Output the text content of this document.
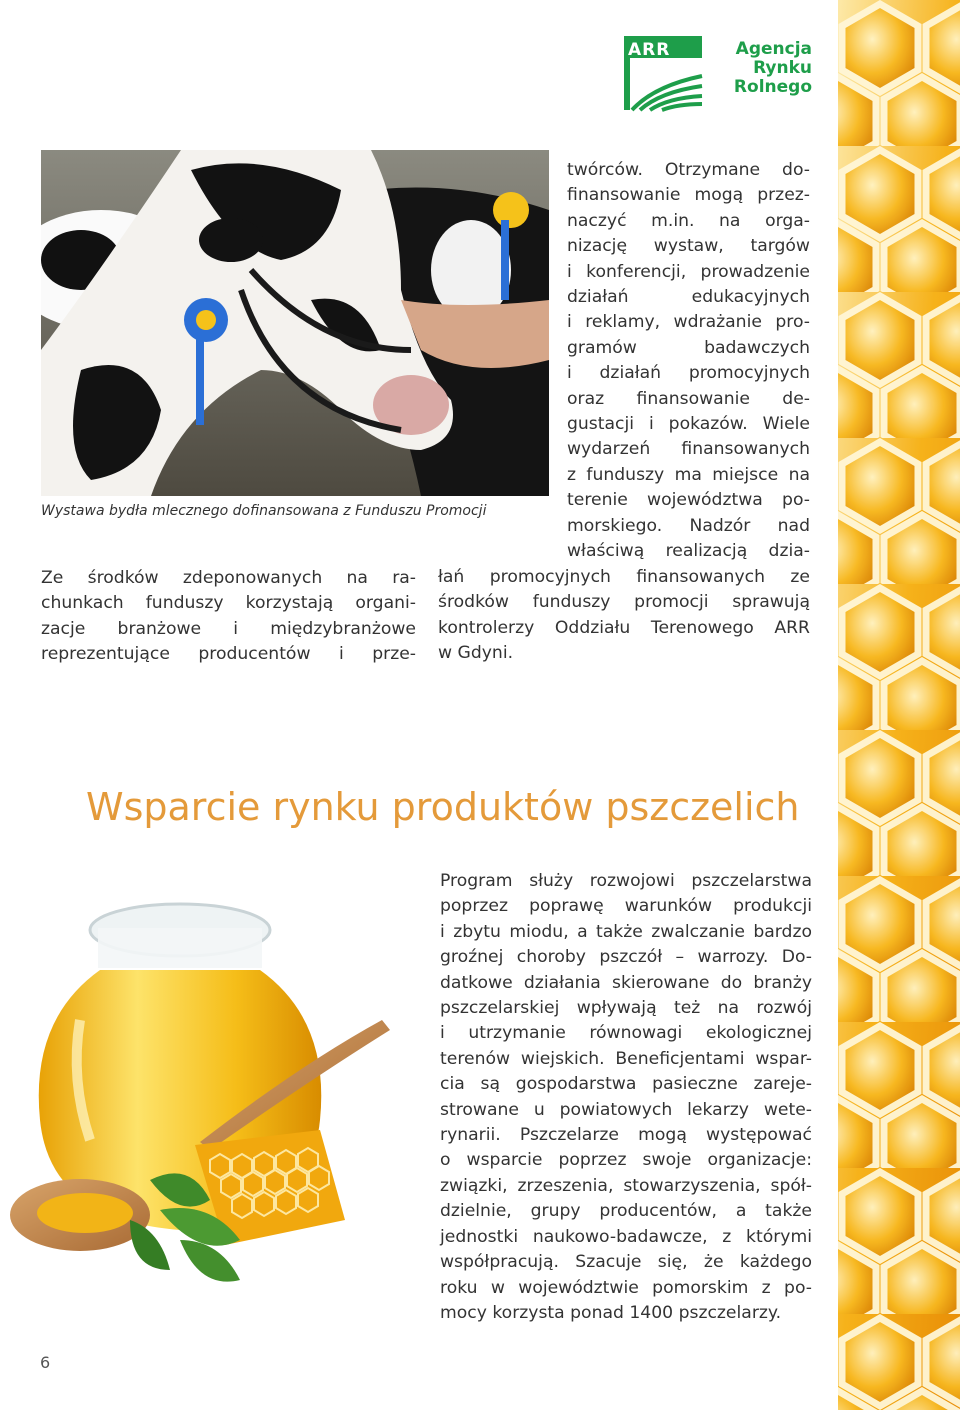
ARR	Agencja
Rynku
Rolnego
Wystawa bydła mlecznego dofinansowana z Funduszu Promocji

Ze środków zdeponowanych na ra-
chunkach funduszy korzystają organi-
zacje branżowe i międzybranżowe
reprezentujące producentów i prze-

twórców. Otrzymane do-
finansowanie mogą przez-
naczyć m.in. na orga-
nizację wystaw, targów
i konferencji, prowadzenie
działań edukacyjnych
i reklamy, wdrażanie pro-
gramów badawczych
i działań promocyjnych
oraz finansowanie de-
gustacji i pokazów. Wiele
wydarzeń finansowanych
z funduszy ma miejsce na
terenie województwa po-
morskiego. Nadzór nad
właściwą realizacją dzia-

łań promocyjnych finansowanych ze
środków funduszy promocji sprawują
kontrolerzy Oddziału Terenowego ARR
w Gdyni.

Wsparcie rynku produktów pszczelich

Program służy rozwojowi pszczelarstwa
poprzez poprawę warunków produkcji
i zbytu miodu, a także zwalczanie bardzo
groźnej choroby pszczół – warrozy. Do-
datkowe działania skierowane do branży
pszczelarskiej wpływają też na rozwój
i utrzymanie równowagi ekologicznej
terenów wiejskich. Beneficjentami wspar-
cia są gospodarstwa pasieczne zareje-
strowane u powiatowych lekarzy wete-
rynarii. Pszczelarze mogą występować
o wsparcie poprzez swoje organizacje:
związki, zrzeszenia, stowarzyszenia, spół-
dzielnie, grupy producentów, a także
jednostki naukowo-badawcze, z którymi
współpracują. Szacuje się, że każdego
roku w województwie pomorskim z po-
mocy korzysta ponad 1400 pszczelarzy.

6
